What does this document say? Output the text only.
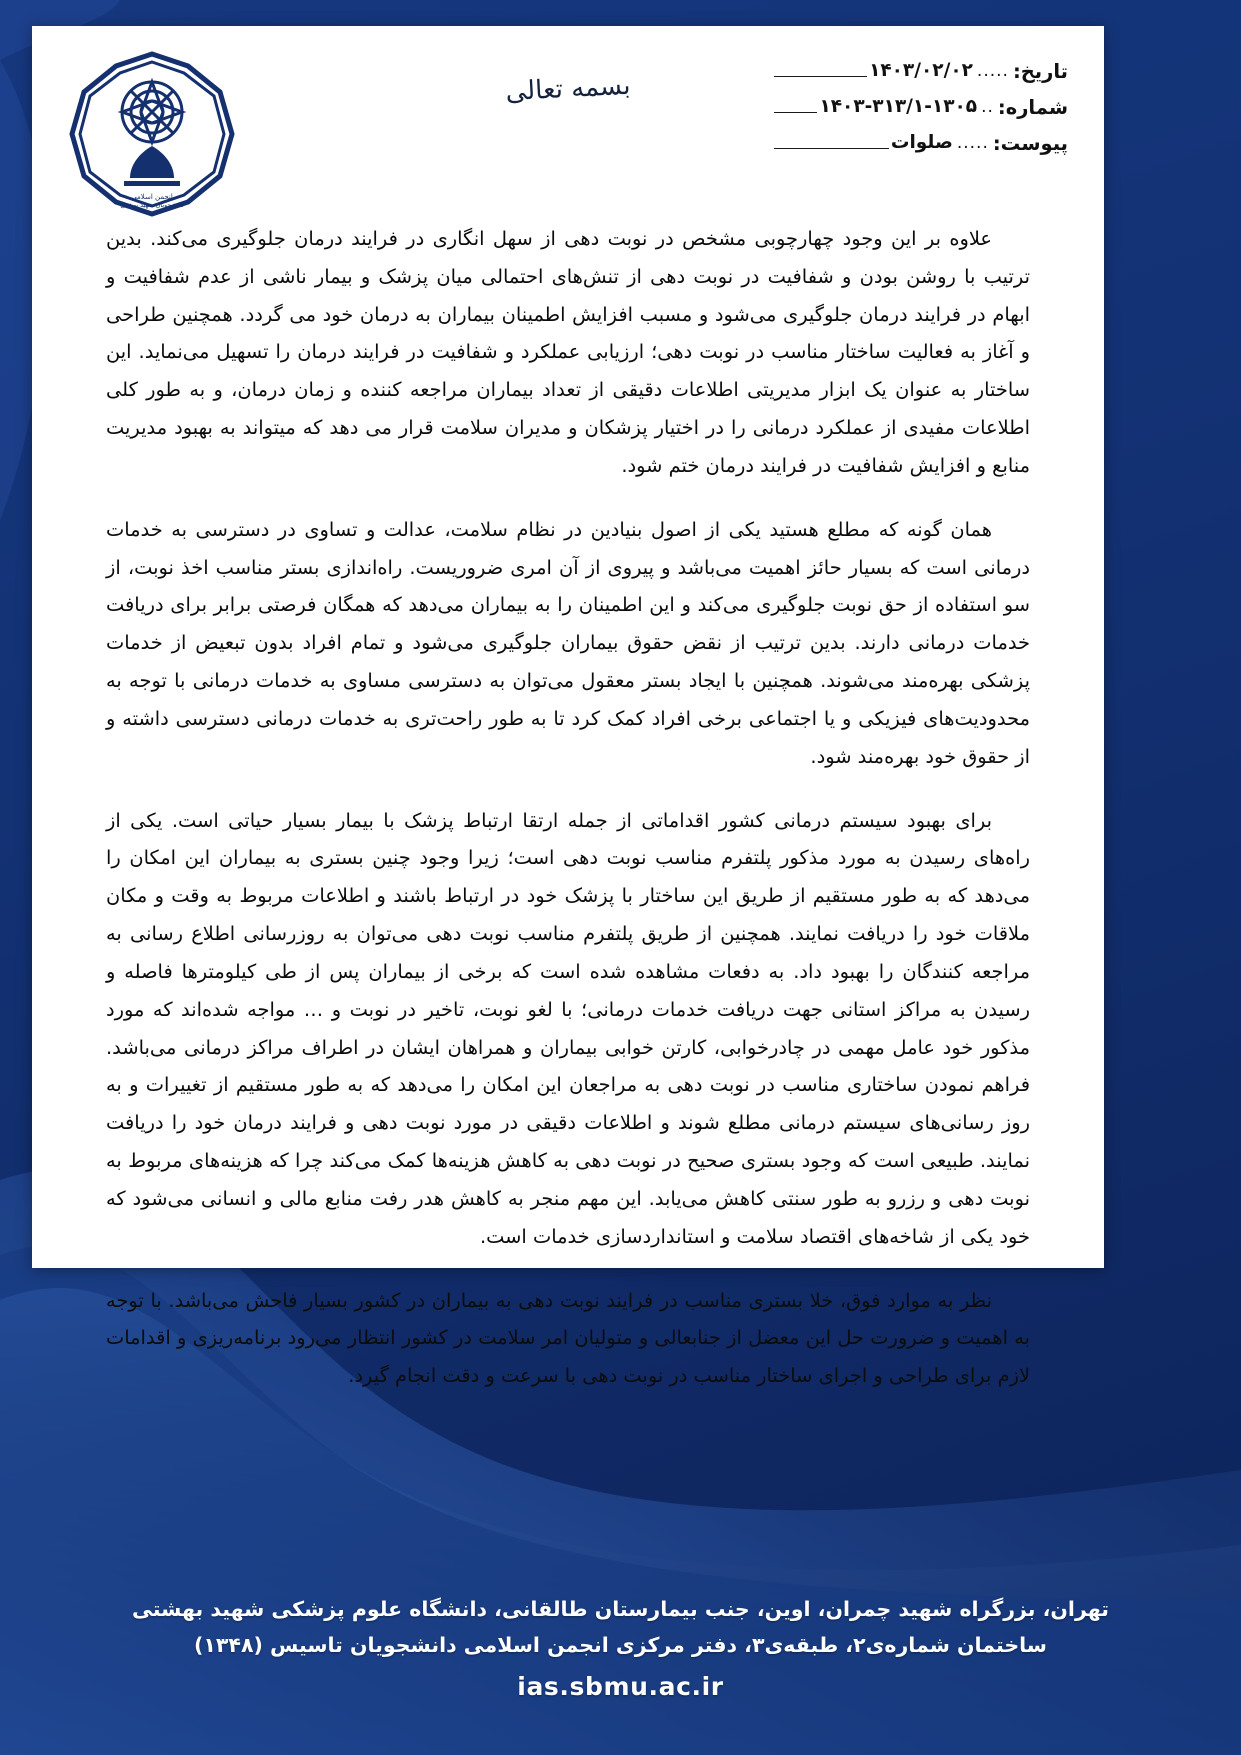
تاریخ:
.....
۱۴۰۳/۰۲/۰۲
شماره:
..
۱۴۰۳-۳۱۳/۱-۱۳۰۵
پیوست:
.....
صلوات
بسمه تعالی
انجمن اسلامی
دانشجویان شهید بهشتی

علاوه بر این وجود چهارچوبی مشخص در نوبت دهی از سهل انگاری در فرایند درمان جلوگیری می‌کند. بدین ترتیب با روشن بودن و شفافیت در نوبت دهی از تنش‌های احتمالی میان پزشک و بیمار ناشی از عدم شفافیت و ابهام در فرایند درمان جلوگیری می‌شود و مسبب افزایش اطمینان بیماران به درمان خود می گردد. همچنین طراحی و آغاز به فعالیت ساختار مناسب در نوبت دهی؛ ارزیابی عملکرد و شفافیت در فرایند درمان را تسهیل می‌نماید. این ساختار به عنوان یک ابزار مدیریتی اطلاعات دقیقی از تعداد بیماران مراجعه کننده و زمان درمان، و به طور کلی اطلاعات مفیدی از عملکرد درمانی را در اختیار پزشکان و مدیران سلامت قرار می دهد که میتواند به بهبود مدیریت منابع و افزایش شفافیت در فرایند درمان ختم شود.

همان گونه که مطلع هستید یکی از اصول بنیادین در نظام سلامت، عدالت و تساوی در دسترسی به خدمات درمانی است که بسیار حائز اهمیت می‌باشد و پیروی از آن امری ضروریست. راه‌اندازی بستر مناسب اخذ نوبت، از سو استفاده از حق نوبت جلوگیری می‌کند و این اطمینان را به بیماران می‌دهد که همگان فرصتی برابر برای دریافت خدمات درمانی دارند. بدین ترتیب از نقض حقوق بیماران جلوگیری می‌شود و تمام افراد بدون تبعیض از خدمات پزشکی بهره‌مند می‌شوند. همچنین با ایجاد بستر معقول می‌توان به دسترسی مساوی به خدمات درمانی با توجه به محدودیت‌های فیزیکی و یا اجتماعی برخی افراد کمک کرد تا به طور راحت‌تری به خدمات درمانی دسترسی داشته و از حقوق خود بهره‌مند شود.

برای بهبود سیستم درمانی کشور اقداماتی از جمله ارتقا ارتباط پزشک با بیمار بسیار حیاتی است. یکی از راه‌های رسیدن به مورد مذکور پلتفرم مناسب نوبت دهی است؛ زیرا وجود چنین بستری به بیماران این امکان را می‌دهد که به طور مستقیم از طریق این ساختار با پزشک خود در ارتباط باشند و اطلاعات مربوط به وقت و مکان ملاقات خود را دریافت نمایند. همچنین از طریق پلتفرم مناسب نوبت دهی می‌توان به روزرسانی اطلاع رسانی به مراجعه کنندگان را بهبود داد. به دفعات مشاهده شده است که برخی از بیماران پس از طی کیلومترها فاصله و رسیدن به مراکز استانی جهت دریافت خدمات درمانی؛ با لغو نوبت، تاخیر در نوبت و … مواجه شده‌اند که مورد مذکور خود عامل مهمی در چادرخوابی، کارتن خوابی بیماران و همراهان ایشان در اطراف مراکز درمانی می‌باشد. فراهم نمودن ساختاری مناسب در نوبت دهی به مراجعان این امکان را می‌دهد که به طور مستقیم از تغییرات و به روز رسانی‌های سیستم درمانی مطلع شوند و اطلاعات دقیقی در مورد نوبت دهی و فرایند درمان خود را دریافت نمایند. طبیعی است که وجود بستری صحیح در نوبت دهی به کاهش هزینه‌ها کمک می‌کند چرا که هزینه‌های مربوط به نوبت دهی و رزرو به طور سنتی کاهش می‌یابد. این مهم منجر به کاهش هدر رفت منابع مالی و انسانی می‌شود که خود یکی از شاخه‌های اقتصاد سلامت و استانداردسازی خدمات است.

نظر به موارد فوق، خلا بستری مناسب در فرایند نوبت دهی به بیماران در کشور بسیار فاحش می‌باشد. با توجه به اهمیت و ضرورت حل این معضل از جنابعالی و متولیان امر سلامت در کشور انتظار می‌رود برنامه‌ریزی و اقدامات لازم برای طراحی و اجرای ساختار مناسب در نوبت دهی با سرعت و دقت انجام گیرد.

تهران، بزرگراه شهید چمران، اوین، جنب بیمارستان طالقانی، دانشگاه علوم پزشکی شهید بهشتی
ساختمان شماره‌ی۲، طبقه‌ی۳، دفتر مرکزی انجمن اسلامی دانشجویان تاسیس (۱۳۴۸)
ias.sbmu.ac.ir
